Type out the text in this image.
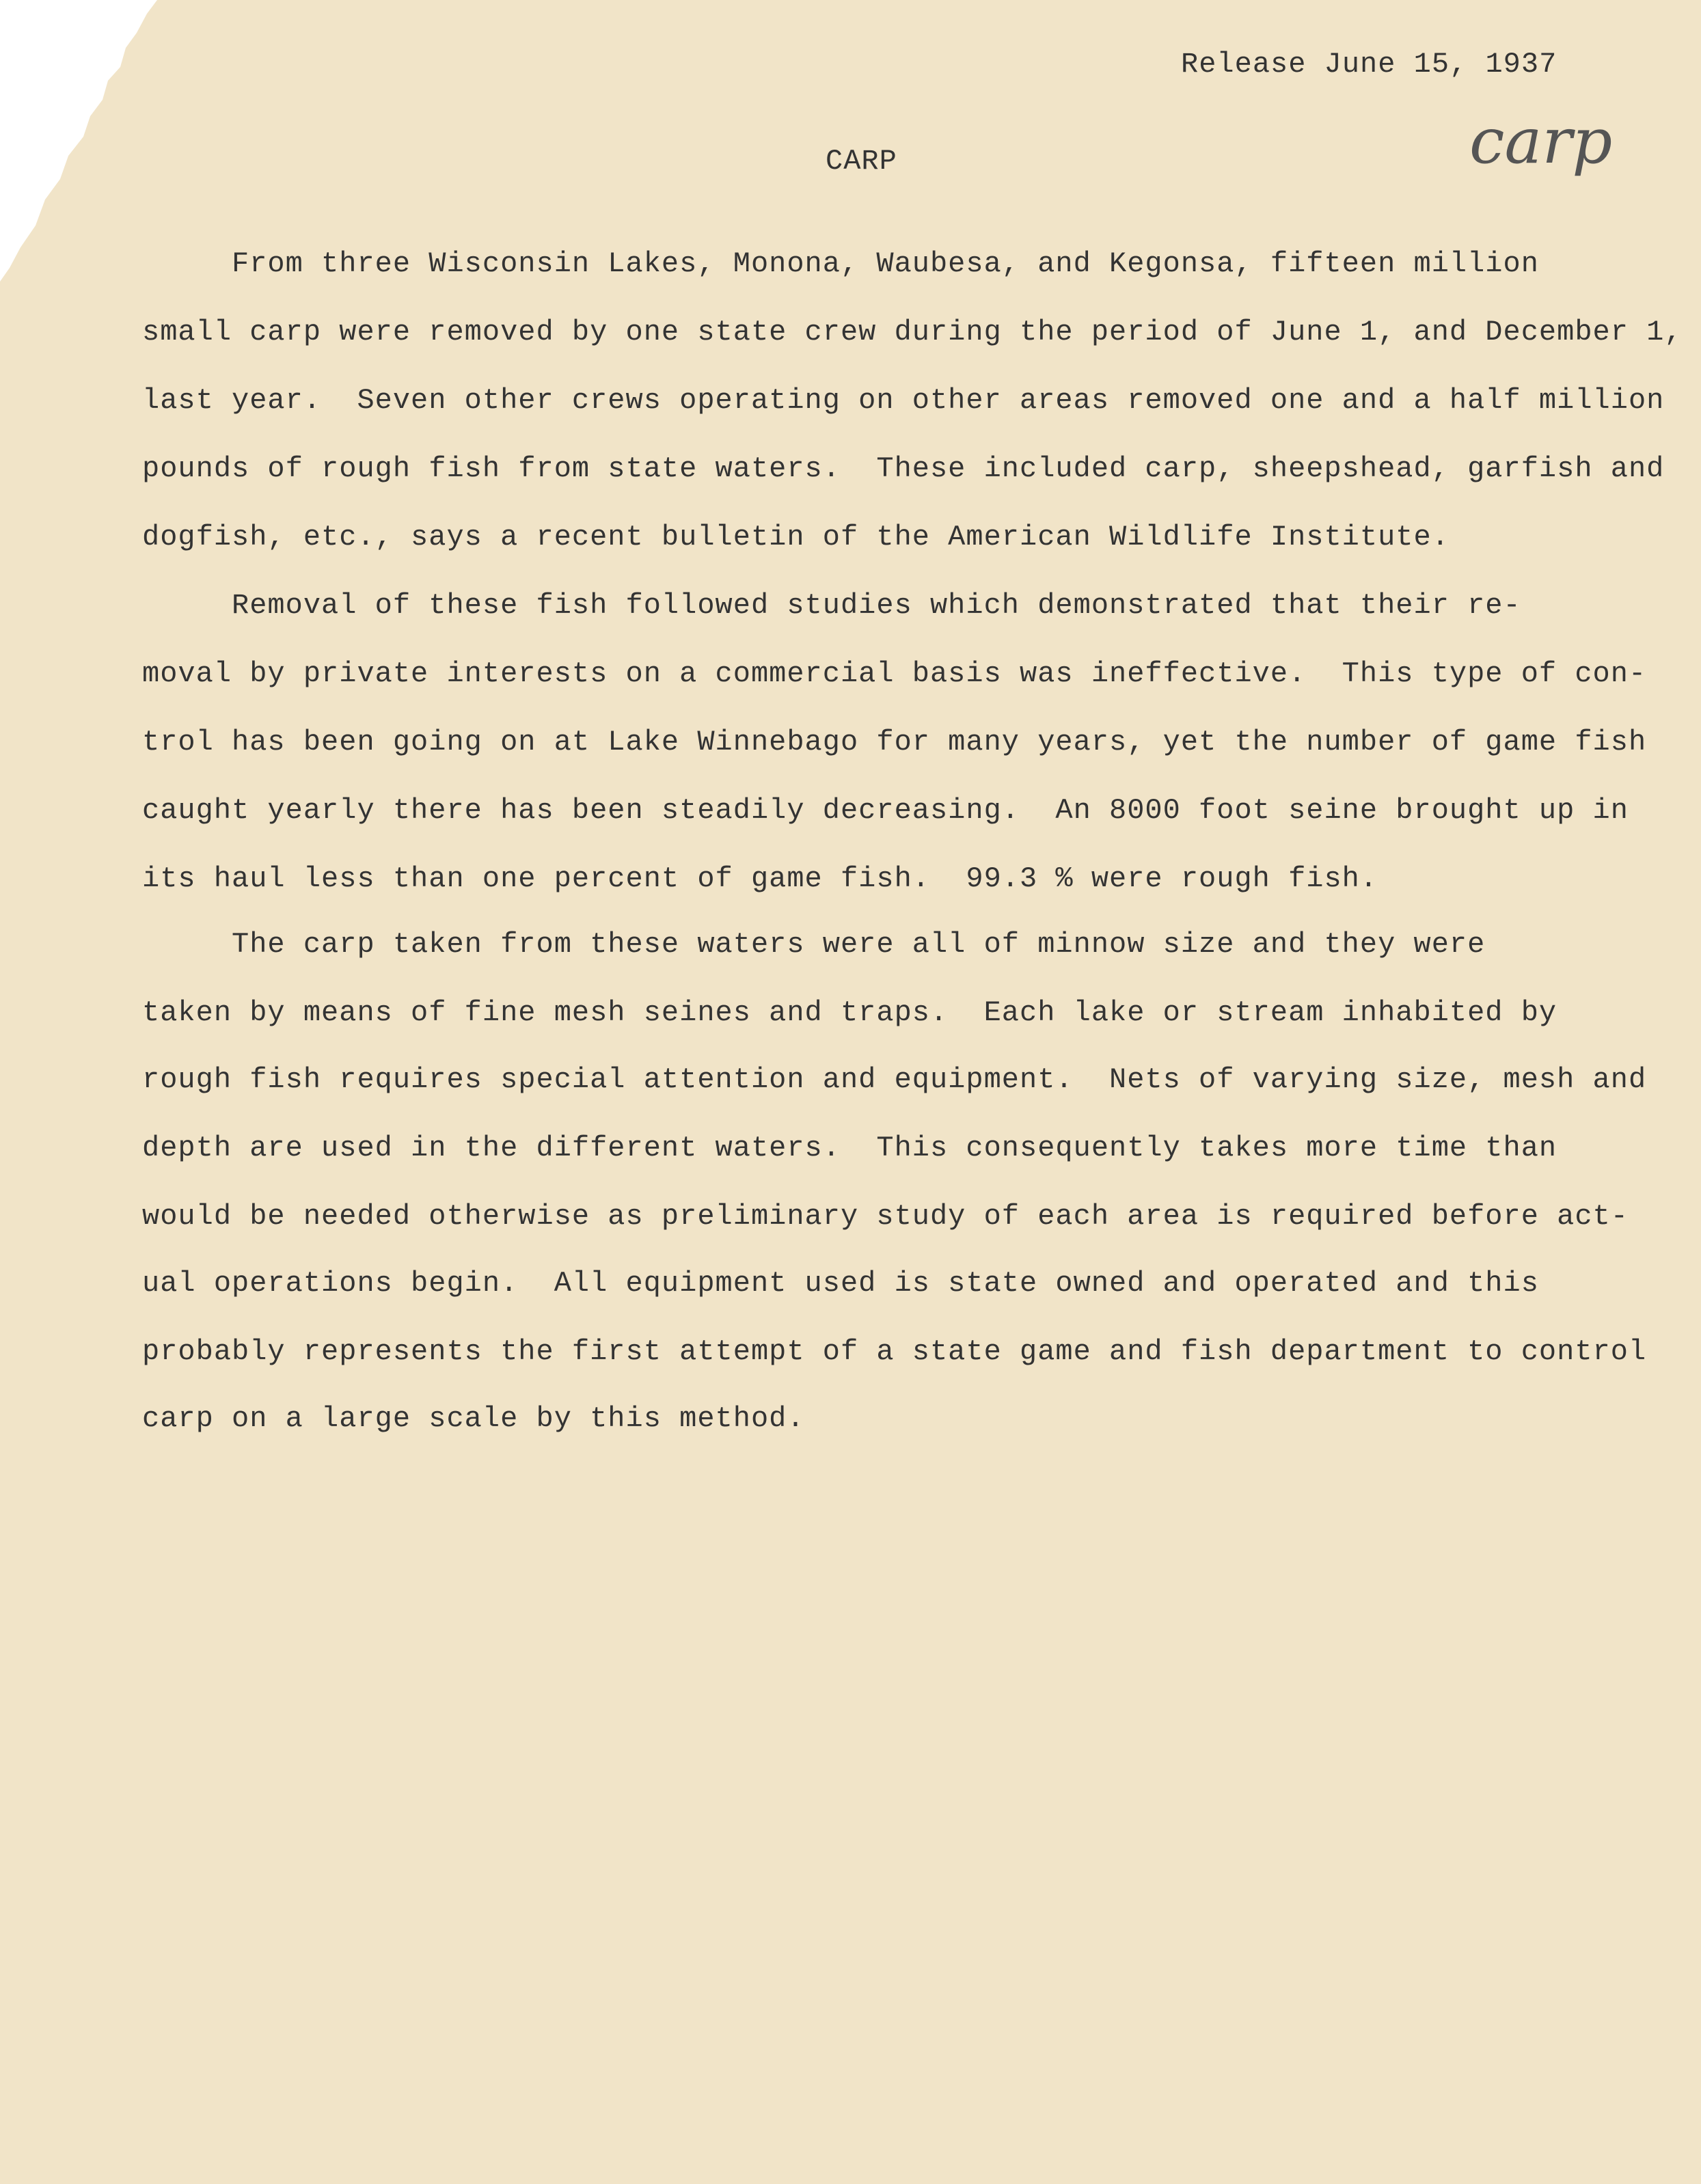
Release June 15, 1937
carp
CARP
From three Wisconsin Lakes, Monona, Waubesa, and Kegonsa, fifteen million
small carp were removed by one state crew during the period of June 1, and December 1,
last year.  Seven other crews operating on other areas removed one and a half million
pounds of rough fish from state waters.  These included carp, sheepshead, garfish and
dogfish, etc., says a recent bulletin of the American Wildlife Institute.
Removal of these fish followed studies which demonstrated that their re-
moval by private interests on a commercial basis was ineffective.  This type of con-
trol has been going on at Lake Winnebago for many years, yet the number of game fish
caught yearly there has been steadily decreasing.  An 8000 foot seine brought up in
its haul less than one percent of game fish.  99.3 % were rough fish.
The carp taken from these waters were all of minnow size and they were
taken by means of fine mesh seines and traps.  Each lake or stream inhabited by
rough fish requires special attention and equipment.  Nets of varying size, mesh and
depth are used in the different waters.  This consequently takes more time than
would be needed otherwise as preliminary study of each area is required before act-
ual operations begin.  All equipment used is state owned and operated and this
probably represents the first attempt of a state game and fish department to control
carp on a large scale by this method.
